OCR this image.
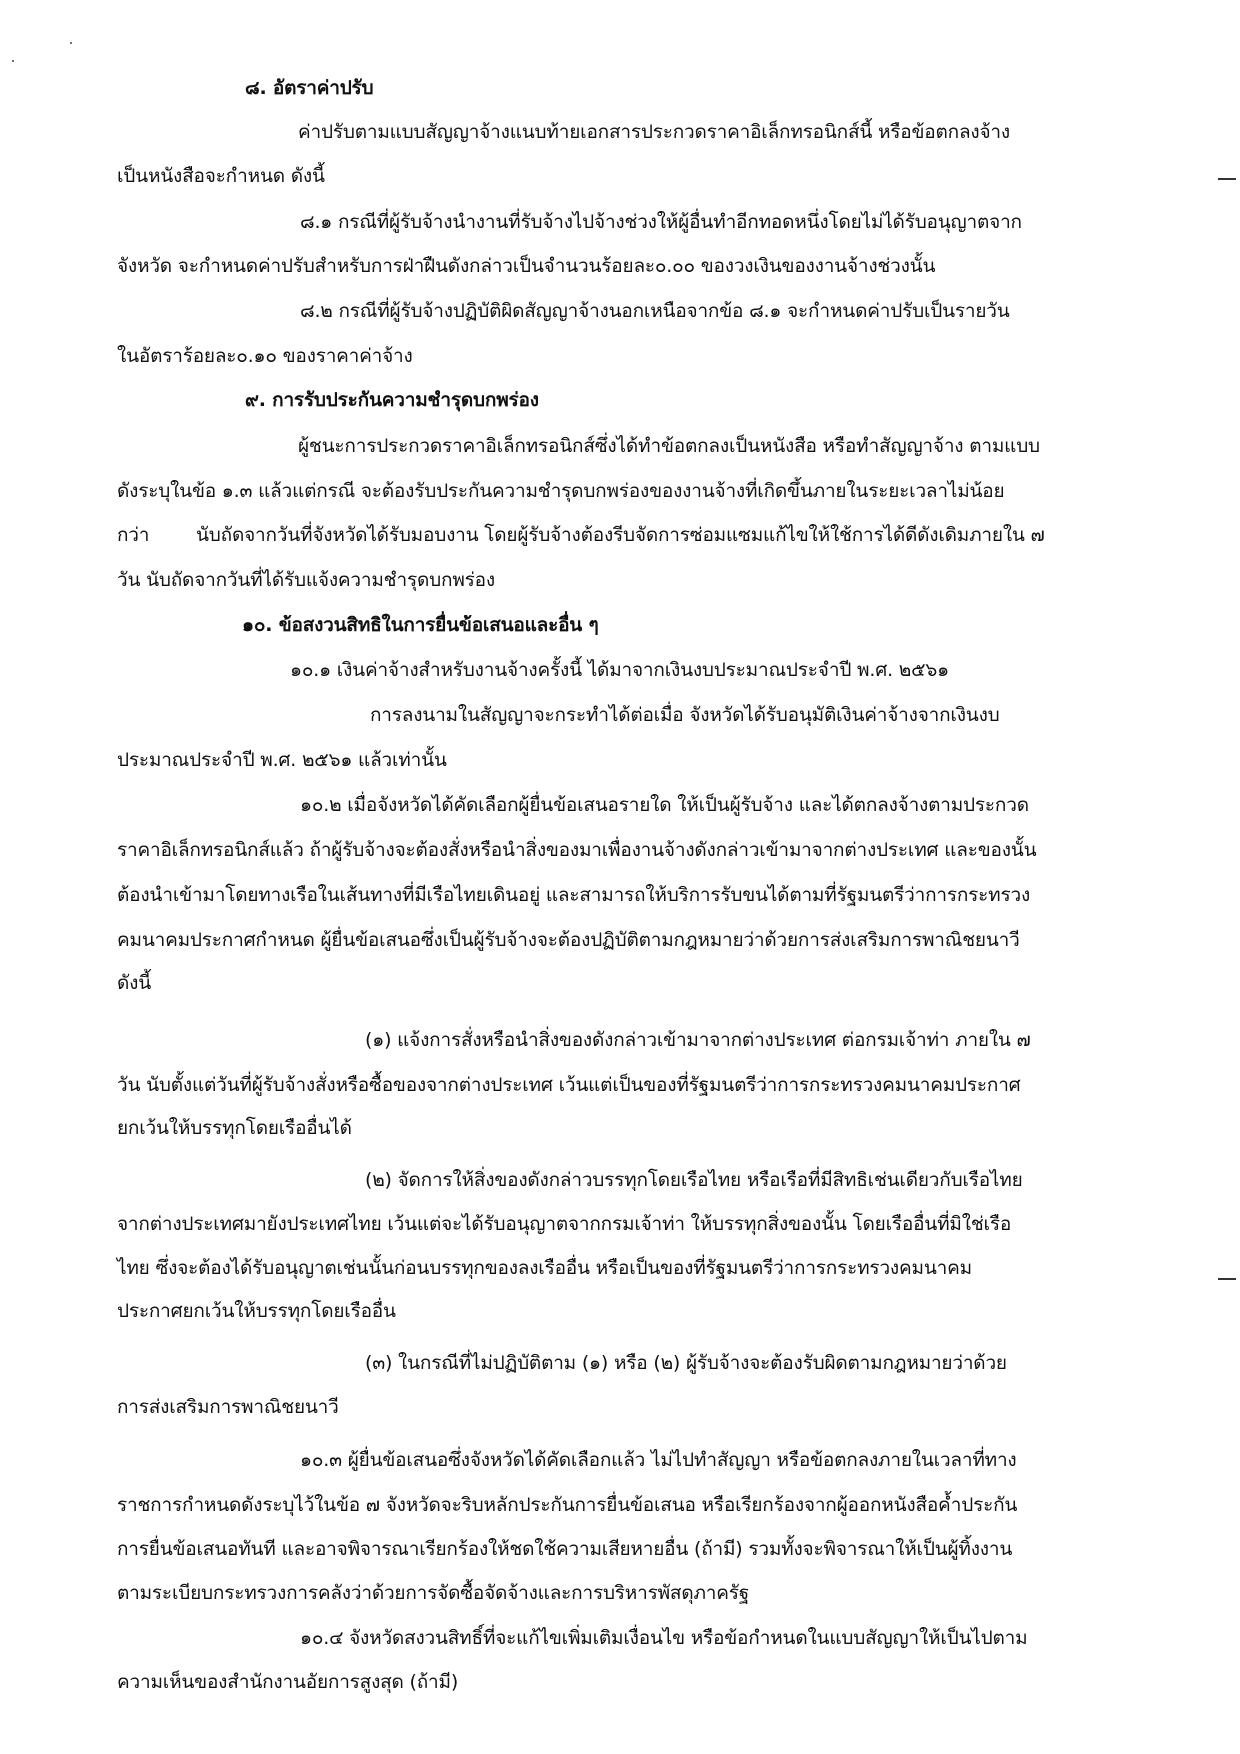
๘. อัตราค่าปรับ
ค่าปรับตามแบบสัญญาจ้างแนบท้ายเอกสารประกวดราคาอิเล็กทรอนิกส์นี้ หรือข้อตกลงจ้าง
เป็นหนังสือจะกำหนด ดังนี้
๘.๑ กรณีที่ผู้รับจ้างนำงานที่รับจ้างไปจ้างช่วงให้ผู้อื่นทำอีกทอดหนึ่งโดยไม่ได้รับอนุญาตจาก
จังหวัด จะกำหนดค่าปรับสำหรับการฝ่าฝืนดังกล่าวเป็นจำนวนร้อยละ๐.๐๐ ของวงเงินของงานจ้างช่วงนั้น
๘.๒ กรณีที่ผู้รับจ้างปฏิบัติผิดสัญญาจ้างนอกเหนือจากข้อ ๘.๑ จะกำหนดค่าปรับเป็นรายวัน
ในอัตราร้อยละ๐.๑๐ ของราคาค่าจ้าง
๙. การรับประกันความชำรุดบกพร่อง
ผู้ชนะการประกวดราคาอิเล็กทรอนิกส์ซึ่งได้ทำข้อตกลงเป็นหนังสือ หรือทำสัญญาจ้าง ตามแบบ
ดังระบุในข้อ ๑.๓ แล้วแต่กรณี จะต้องรับประกันความชำรุดบกพร่องของงานจ้างที่เกิดขึ้นภายในระยะเวลาไม่น้อย
กว่า นับถัดจากวันที่จังหวัดได้รับมอบงาน โดยผู้รับจ้างต้องรีบจัดการซ่อมแซมแก้ไขให้ใช้การได้ดีดังเดิมภายใน ๗
วัน นับถัดจากวันที่ได้รับแจ้งความชำรุดบกพร่อง
๑๐. ข้อสงวนสิทธิในการยื่นข้อเสนอและอื่น ๆ
๑๐.๑ เงินค่าจ้างสำหรับงานจ้างครั้งนี้ ได้มาจากเงินงบประมาณประจำปี พ.ศ. ๒๕๖๑
การลงนามในสัญญาจะกระทำได้ต่อเมื่อ จังหวัดได้รับอนุมัติเงินค่าจ้างจากเงินงบ
ประมาณประจำปี พ.ศ. ๒๕๖๑ แล้วเท่านั้น
๑๐.๒ เมื่อจังหวัดได้คัดเลือกผู้ยื่นข้อเสนอรายใด ให้เป็นผู้รับจ้าง และได้ตกลงจ้างตามประกวด
ราคาอิเล็กทรอนิกส์แล้ว ถ้าผู้รับจ้างจะต้องสั่งหรือนำสิ่งของมาเพื่องานจ้างดังกล่าวเข้ามาจากต่างประเทศ และของนั้น
ต้องนำเข้ามาโดยทางเรือในเส้นทางที่มีเรือไทยเดินอยู่ และสามารถให้บริการรับขนได้ตามที่รัฐมนตรีว่าการกระทรวง
คมนาคมประกาศกำหนด ผู้ยื่นข้อเสนอซึ่งเป็นผู้รับจ้างจะต้องปฏิบัติตามกฎหมายว่าด้วยการส่งเสริมการพาณิชยนาวี
ดังนี้
(๑) แจ้งการสั่งหรือนำสิ่งของดังกล่าวเข้ามาจากต่างประเทศ ต่อกรมเจ้าท่า ภายใน ๗
วัน นับตั้งแต่วันที่ผู้รับจ้างสั่งหรือซื้อของจากต่างประเทศ เว้นแต่เป็นของที่รัฐมนตรีว่าการกระทรวงคมนาคมประกาศ
ยกเว้นให้บรรทุกโดยเรืออื่นได้
(๒) จัดการให้สิ่งของดังกล่าวบรรทุกโดยเรือไทย หรือเรือที่มีสิทธิเช่นเดียวกับเรือไทย
จากต่างประเทศมายังประเทศไทย เว้นแต่จะได้รับอนุญาตจากกรมเจ้าท่า ให้บรรทุกสิ่งของนั้น โดยเรืออื่นที่มิใช่เรือ
ไทย ซึ่งจะต้องได้รับอนุญาตเช่นนั้นก่อนบรรทุกของลงเรืออื่น หรือเป็นของที่รัฐมนตรีว่าการกระทรวงคมนาคม
ประกาศยกเว้นให้บรรทุกโดยเรืออื่น
(๓) ในกรณีที่ไม่ปฏิบัติตาม (๑) หรือ (๒) ผู้รับจ้างจะต้องรับผิดตามกฎหมายว่าด้วย
การส่งเสริมการพาณิชยนาวี
๑๐.๓ ผู้ยื่นข้อเสนอซึ่งจังหวัดได้คัดเลือกแล้ว ไม่ไปทำสัญญา หรือข้อตกลงภายในเวลาที่ทาง
ราชการกำหนดดังระบุไว้ในข้อ ๗ จังหวัดจะริบหลักประกันการยื่นข้อเสนอ หรือเรียกร้องจากผู้ออกหนังสือค้ำประกัน
การยื่นข้อเสนอทันที และอาจพิจารณาเรียกร้องให้ชดใช้ความเสียหายอื่น (ถ้ามี) รวมทั้งจะพิจารณาให้เป็นผู้ทิ้งงาน
ตามระเบียบกระทรวงการคลังว่าด้วยการจัดซื้อจัดจ้างและการบริหารพัสดุภาครัฐ
๑๐.๔ จังหวัดสงวนสิทธิ์ที่จะแก้ไขเพิ่มเติมเงื่อนไข หรือข้อกำหนดในแบบสัญญาให้เป็นไปตาม
ความเห็นของสำนักงานอัยการสูงสุด (ถ้ามี)
